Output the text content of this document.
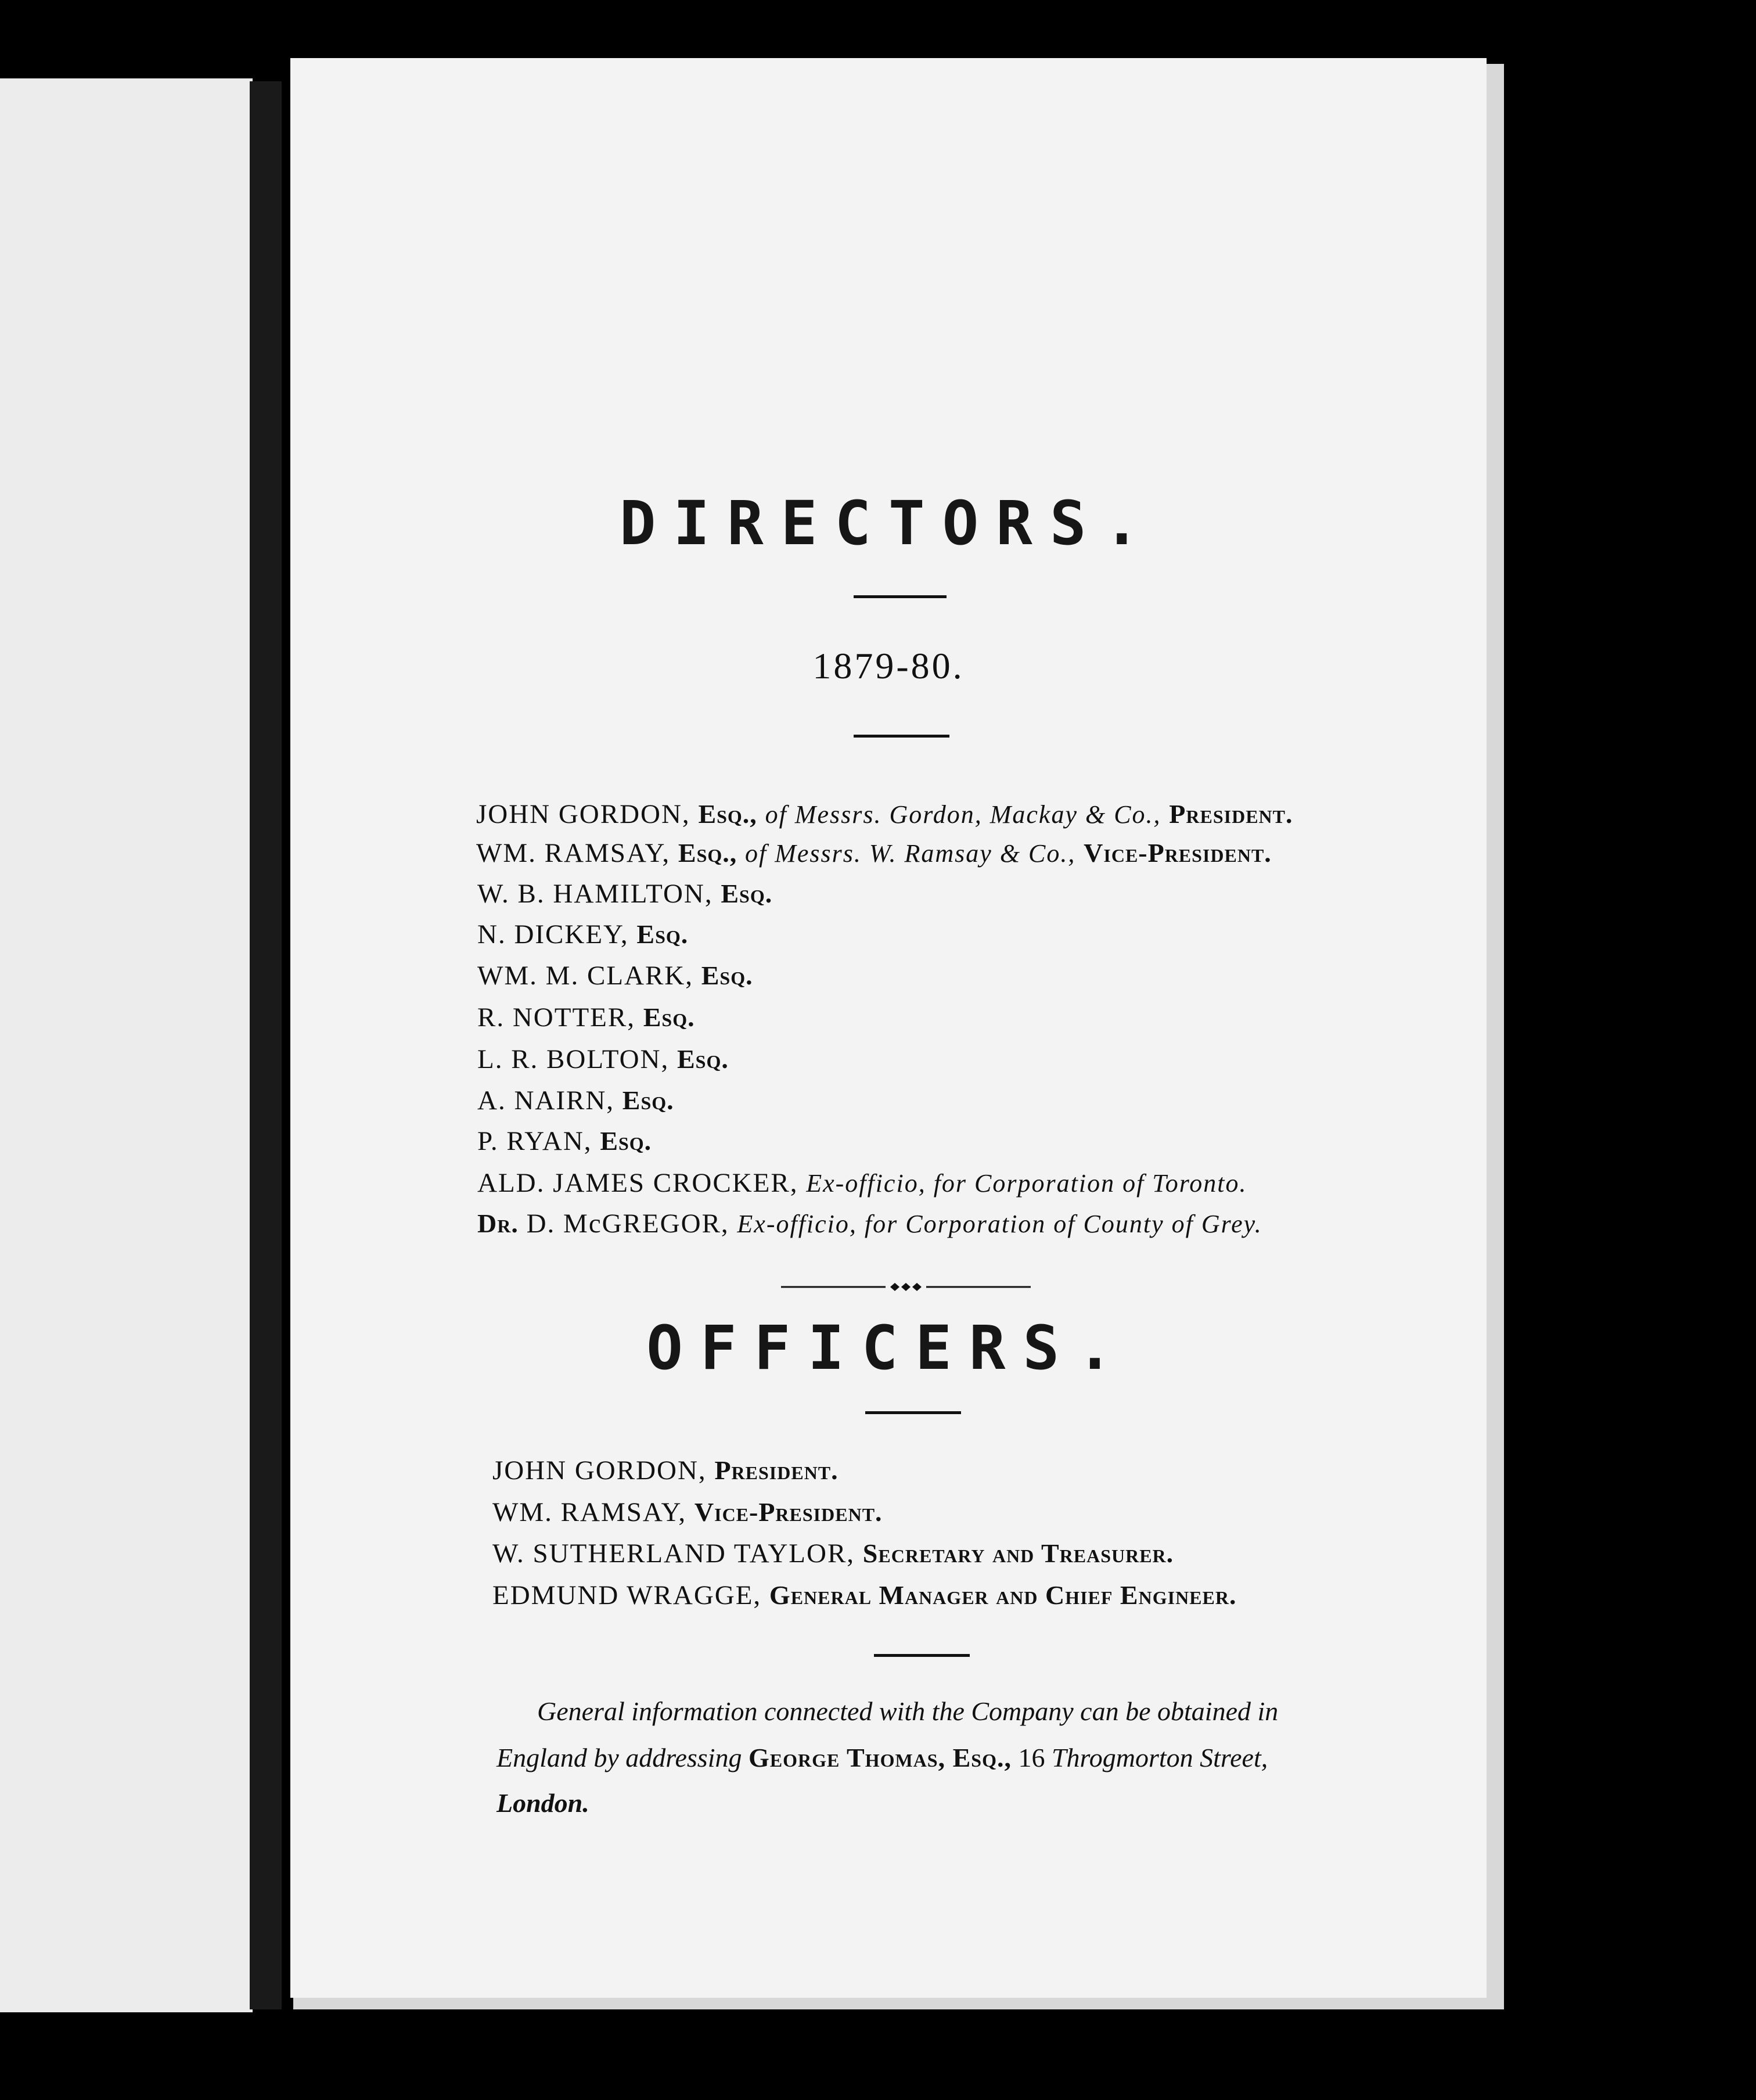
DIRECTORS.
1879-80.
JOHN GORDON, Esq., of Messrs. Gordon, Mackay & Co., President.
WM. RAMSAY, Esq., of Messrs. W. Ramsay & Co., Vice-President.
W. B. HAMILTON, Esq.
N. DICKEY, Esq.
WM. M. CLARK, Esq.
R. NOTTER, Esq.
L. R. BOLTON, Esq.
A. NAIRN, Esq.
P. RYAN, Esq.
ALD. JAMES CROCKER, Ex-officio, for Corporation of Toronto.
Dr. D. McGREGOR, Ex-officio, for Corporation of County of Grey.
OFFICERS.
JOHN GORDON, President.
WM. RAMSAY, Vice-President.
W. SUTHERLAND TAYLOR, Secretary and Treasurer.
EDMUND WRAGGE, General Manager and Chief Engineer.
General information connected with the Company can be obtained in
England by addressing George Thomas, Esq., 16 Throgmorton Street,
London.
